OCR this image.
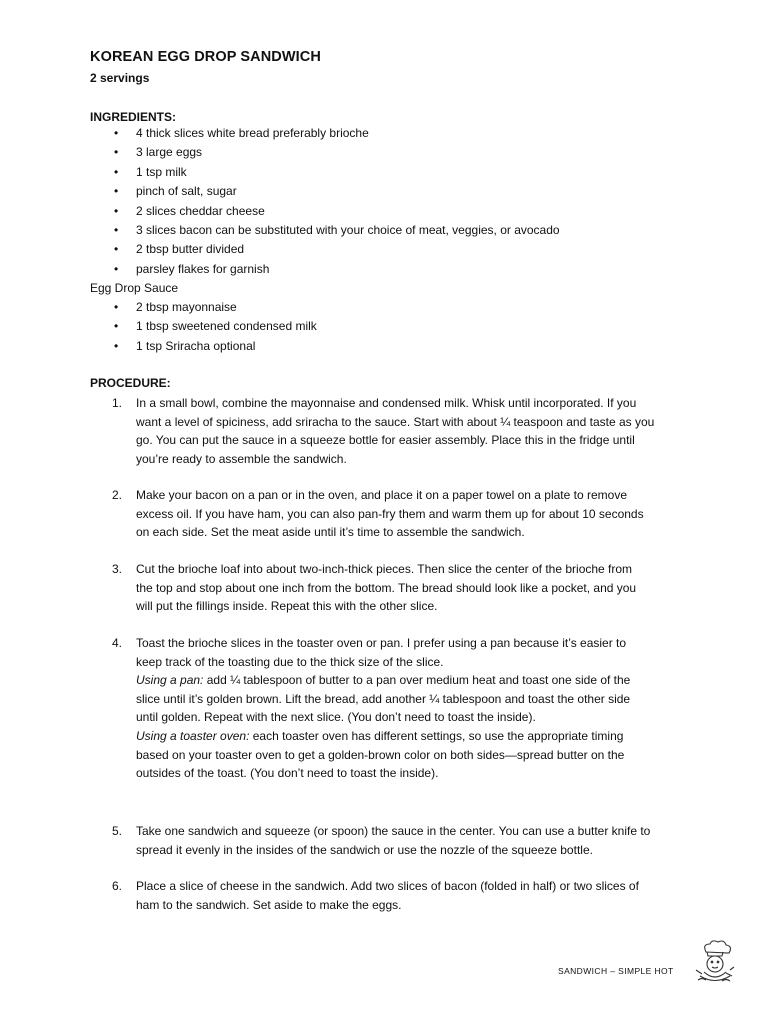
KOREAN EGG DROP SANDWICH
2 servings
INGREDIENTS:
• 4 thick slices white bread preferably brioche
• 3 large eggs
• 1 tsp milk
• pinch of salt, sugar
• 2 slices cheddar cheese
• 3 slices bacon can be substituted with your choice of meat, veggies, or avocado
• 2 tbsp butter divided
• parsley flakes for garnish
Egg Drop Sauce
• 2 tbsp mayonnaise
• 1 tbsp sweetened condensed milk
• 1 tsp Sriracha optional
PROCEDURE:
1. In a small bowl, combine the mayonnaise and condensed milk. Whisk until incorporated. If you
want a level of spiciness, add sriracha to the sauce. Start with about ¼ teaspoon and taste as you
go. You can put the sauce in a squeeze bottle for easier assembly. Place this in the fridge until
you’re ready to assemble the sandwich.
2. Make your bacon on a pan or in the oven, and place it on a paper towel on a plate to remove
excess oil. If you have ham, you can also pan-fry them and warm them up for about 10 seconds
on each side. Set the meat aside until it’s time to assemble the sandwich.
3. Cut the brioche loaf into about two-inch-thick pieces. Then slice the center of the brioche from
the top and stop about one inch from the bottom. The bread should look like a pocket, and you
will put the fillings inside. Repeat this with the other slice.
4. Toast the brioche slices in the toaster oven or pan. I prefer using a pan because it’s easier to
keep track of the toasting due to the thick size of the slice.
Using a pan: add ¼ tablespoon of butter to a pan over medium heat and toast one side of the
slice until it’s golden brown. Lift the bread, add another ¼ tablespoon and toast the other side
until golden. Repeat with the next slice. (You don’t need to toast the inside).
Using a toaster oven: each toaster oven has different settings, so use the appropriate timing
based on your toaster oven to get a golden-brown color on both sides—spread butter on the
outsides of the toast. (You don’t need to toast the inside).
5. Take one sandwich and squeeze (or spoon) the sauce in the center. You can use a butter knife to
spread it evenly in the insides of the sandwich or use the nozzle of the squeeze bottle.
6. Place a slice of cheese in the sandwich. Add two slices of bacon (folded in half) or two slices of
ham to the sandwich. Set aside to make the eggs.
SANDWICH – SIMPLE HOT
